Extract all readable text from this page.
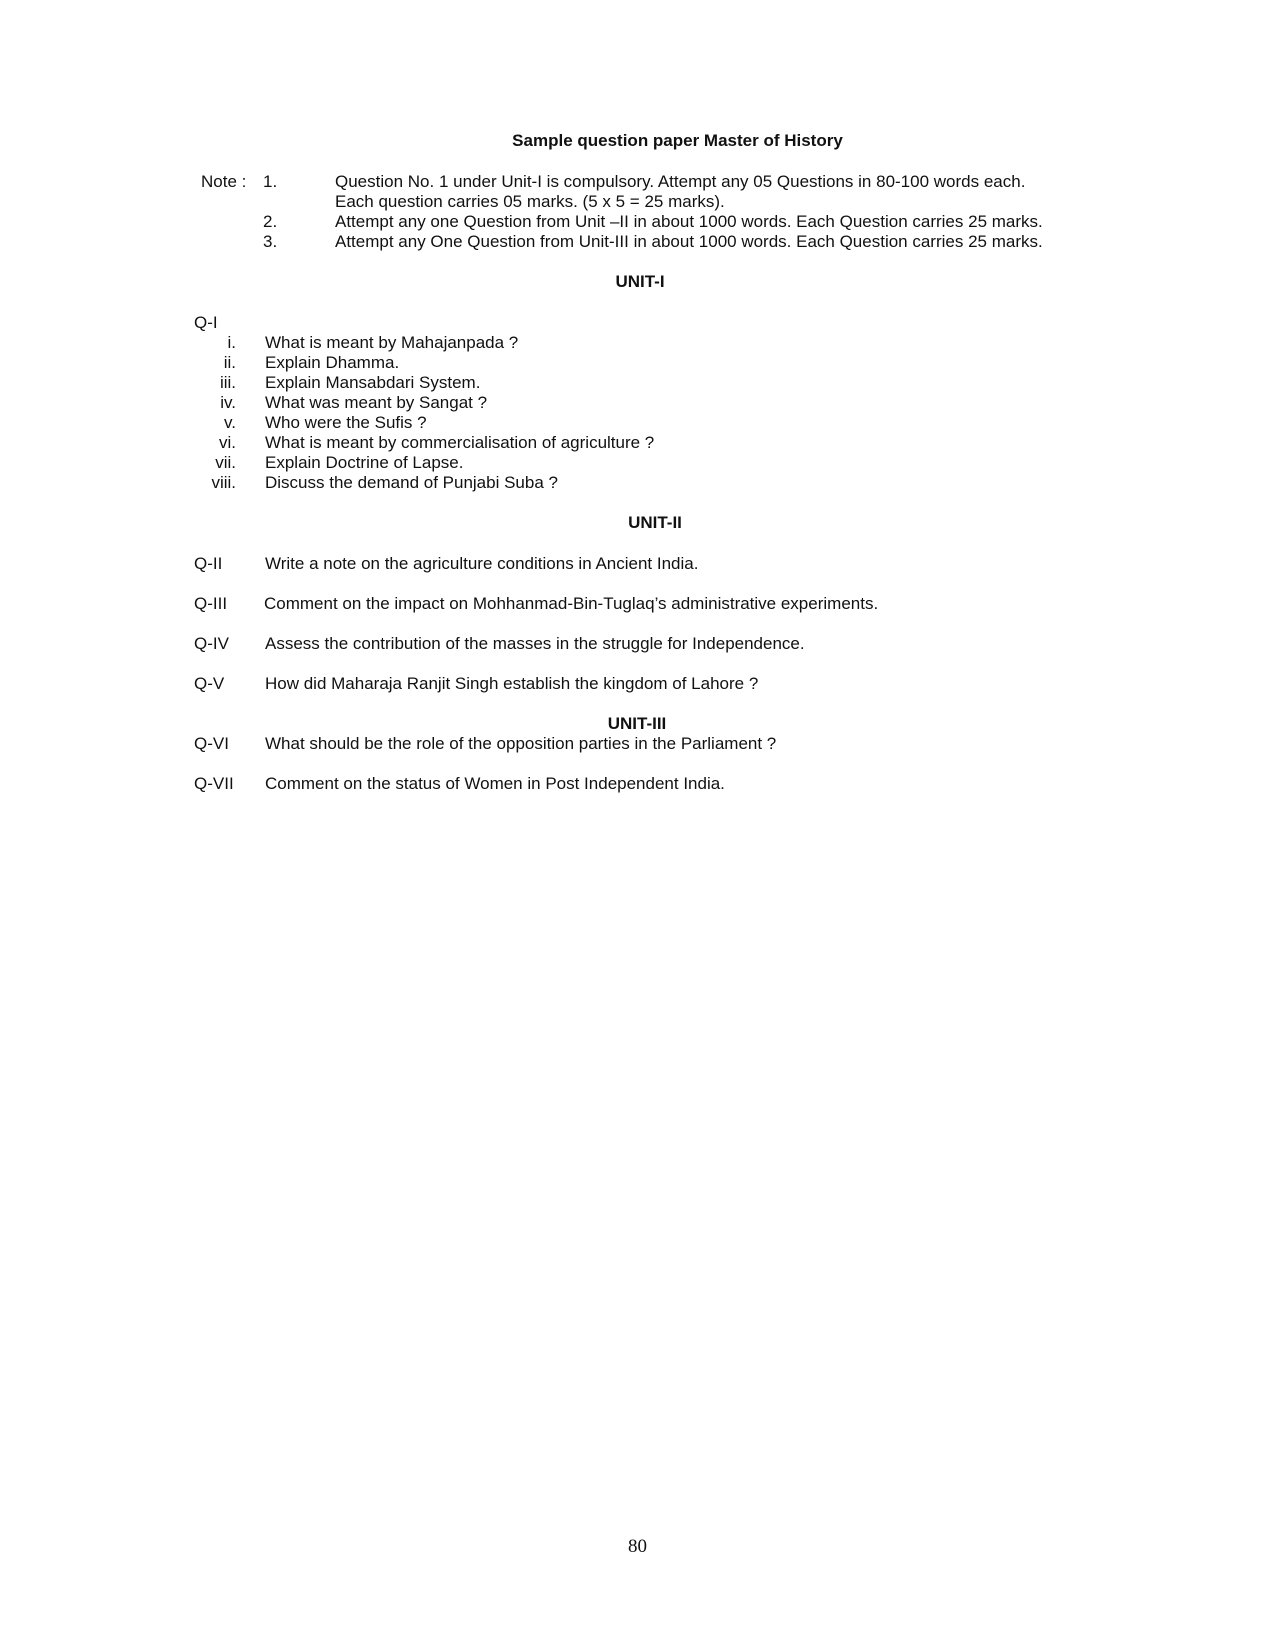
Sample question paper Master of History
Note : 1.	Question No. 1 under Unit-I is compulsory. Attempt any 05 Questions in 80-100 words each.
Each question carries 05 marks. (5 x 5 = 25 marks).
2.	Attempt any one Question from Unit –II in about 1000 words. Each Question carries 25 marks.
3.	Attempt any One Question from Unit-III in about 1000 words. Each Question carries 25 marks.
UNIT-I
Q-I
i. What is meant by Mahajanpada ?
ii. Explain Dhamma.
iii. Explain Mansabdari System.
iv. What was meant by Sangat ?
v. Who were the Sufis ?
vi. What is meant by commercialisation of agriculture ?
vii. Explain Doctrine of Lapse.
viii. Discuss the demand of Punjabi Suba ?
UNIT-II
Q-II	Write a note on the agriculture conditions in Ancient India.
Q-III Comment on the impact on Mohhanmad-Bin-Tuglaq’s administrative experiments.
Q-IV Assess the contribution of the masses in the struggle for Independence.
Q-V How did Maharaja Ranjit Singh establish the kingdom of Lahore ?
UNIT-III
Q-VI What should be the role of the opposition parties in the Parliament ?
Q-VII Comment on the status of Women in Post Independent India.
80
